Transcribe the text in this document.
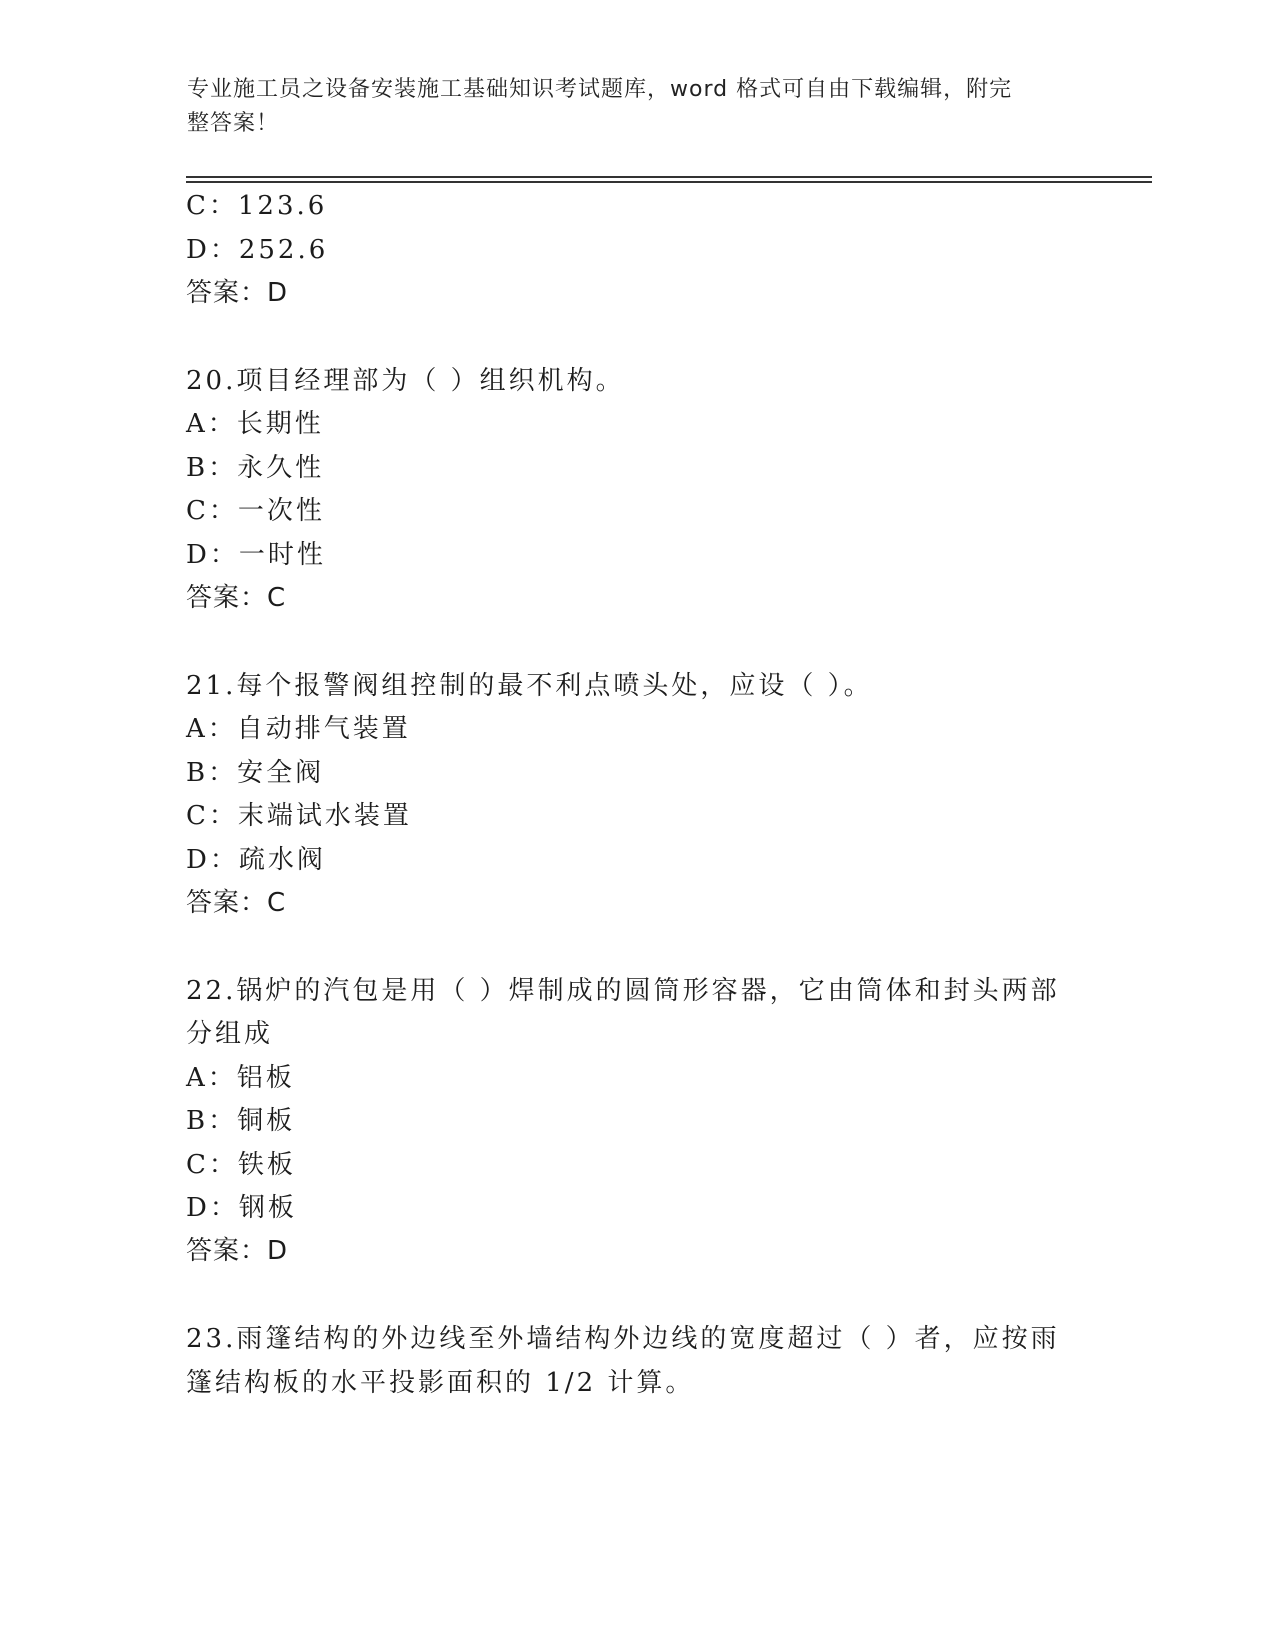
专业施工员之设备安装施工基础知识考试题库，word 格式可自由下载编辑，附完
整答案！
C：123.6
D：252.6
答案：D
20.项目经理部为（ ）组织机构。
A：长期性
B：永久性
C：一次性
D：一时性
答案：C
21.每个报警阀组控制的最不利点喷头处，应设（ ）。
A：自动排气装置
B：安全阀
C：末端试水装置
D：疏水阀
答案：C
22.锅炉的汽包是用（ ）焊制成的圆筒形容器，它由筒体和封头两部
分组成
A：铝板
B：铜板
C：铁板
D：钢板
答案：D
23.雨篷结构的外边线至外墙结构外边线的宽度超过（ ）者，应按雨
篷结构板的水平投影面积的 1/2 计算。
